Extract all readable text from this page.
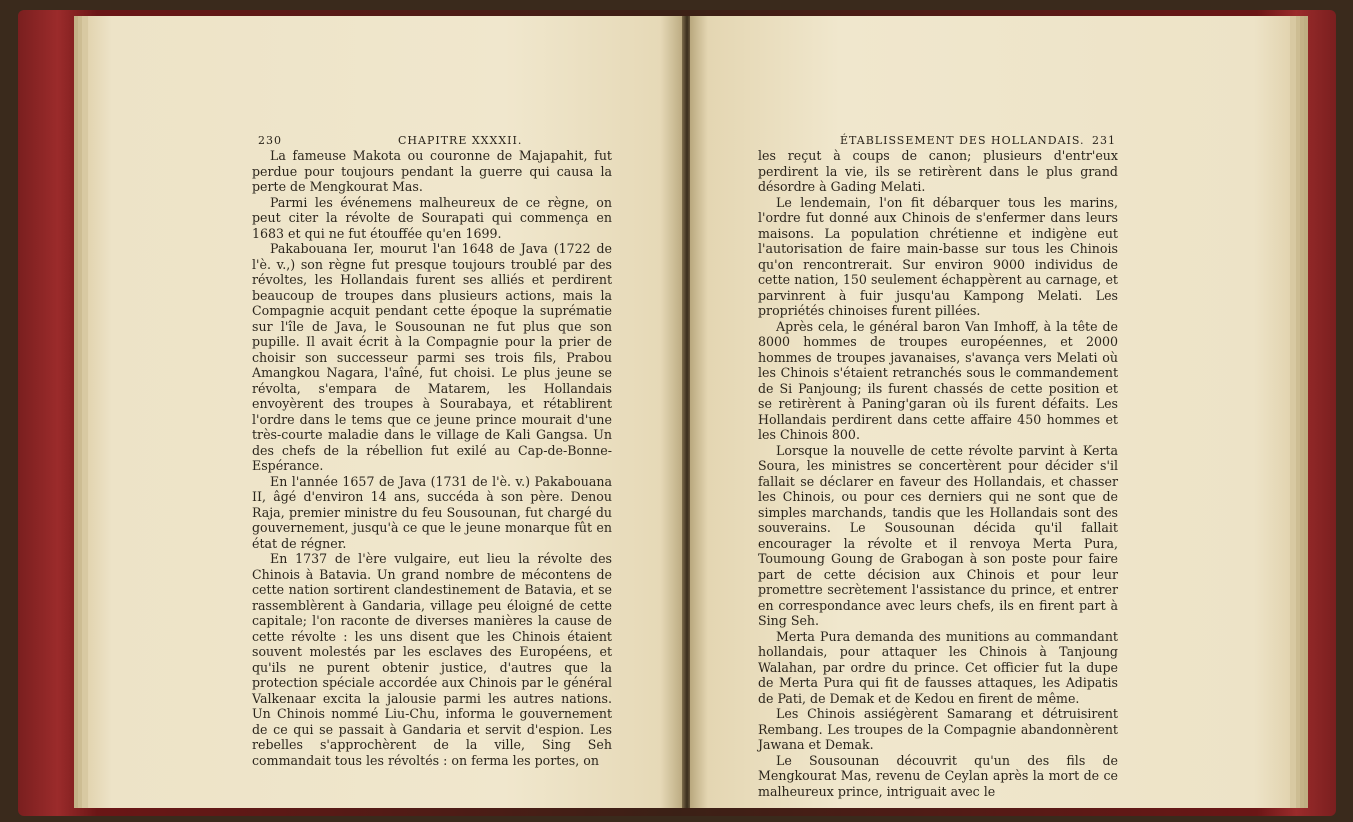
230	CHAPITRE XXXXII.

La fameuse Makota ou couronne de Majapahit, fut perdue pour toujours pendant la guerre qui causa la perte de Mengkourat Mas.

Parmi les événemens malheureux de ce règne, on peut citer la révolte de Sourapati qui commença en 1683 et qui ne fut étouffée qu'en 1699.

Pakabouana Ier, mourut l'an 1648 de Java (1722 de l'è. v.,) son règne fut presque toujours troublé par des révoltes, les Hollandais furent ses alliés et perdirent beaucoup de troupes dans plusieurs actions, mais la Compagnie acquit pendant cette époque la suprématie sur l'île de Java, le Sousounan ne fut plus que son pupille. Il avait écrit à la Compagnie pour la prier de choisir son successeur parmi ses trois fils, Prabou Amangkou Nagara, l'aîné, fut choisi. Le plus jeune se révolta, s'empara de Matarem, les Hollandais envoyèrent des troupes à Sourabaya, et rétablirent l'ordre dans le tems que ce jeune prince mourait d'une très-courte maladie dans le village de Kali Gangsa. Un des chefs de la rébellion fut exilé au Cap-de-Bonne-Espérance.

En l'année 1657 de Java (1731 de l'è. v.) Pakabouana II, âgé d'environ 14 ans, succéda à son père. Denou Raja, premier ministre du feu Sousounan, fut chargé du gouvernement, jusqu'à ce que le jeune monarque fût en état de régner.

En 1737 de l'ère vulgaire, eut lieu la révolte des Chinois à Batavia. Un grand nombre de mécontens de cette nation sortirent clandestinement de Batavia, et se rassemblèrent à Gandaria, village peu éloigné de cette capitale; l'on raconte de diverses manières la cause de cette révolte : les uns disent que les Chinois étaient souvent molestés par les esclaves des Européens, et qu'ils ne purent obtenir justice, d'autres que la protection spéciale accordée aux Chinois par le général Valkenaar excita la jalousie parmi les autres nations. Un Chinois nommé Liu-Chu, informa le gouvernement de ce qui se passait à Gandaria et servit d'espion. Les rebelles s'approchèrent de la ville, Sing Seh commandait tous les révoltés : on ferma les portes, on

ÉTABLISSEMENT DES HOLLANDAIS. 231

les reçut à coups de canon; plusieurs d'entr'eux perdirent la vie, ils se retirèrent dans le plus grand désordre à Gading Melati.

Le lendemain, l'on fit débarquer tous les marins, l'ordre fut donné aux Chinois de s'enfermer dans leurs maisons. La population chrétienne et indigène eut l'autorisation de faire main-basse sur tous les Chinois qu'on rencontrerait. Sur environ 9000 individus de cette nation, 150 seulement échappèrent au carnage, et parvinrent à fuir jusqu'au Kampong Melati. Les propriétés chinoises furent pillées.

Après cela, le général baron Van Imhoff, à la tête de 8000 hommes de troupes européennes, et 2000 hommes de troupes javanaises, s'avança vers Melati où les Chinois s'étaient retranchés sous le commandement de Si Panjoung; ils furent chassés de cette position et se retirèrent à Paning'garan où ils furent défaits. Les Hollandais perdirent dans cette affaire 450 hommes et les Chinois 800.

Lorsque la nouvelle de cette révolte parvint à Kerta Soura, les ministres se concertèrent pour décider s'il fallait se déclarer en faveur des Hollandais, et chasser les Chinois, ou pour ces derniers qui ne sont que de simples marchands, tandis que les Hollandais sont des souverains. Le Sousounan décida qu'il fallait encourager la révolte et il renvoya Merta Pura, Toumoung Goung de Grabogan à son poste pour faire part de cette décision aux Chinois et pour leur promettre secrètement l'assistance du prince, et entrer en correspondance avec leurs chefs, ils en firent part à Sing Seh.

Merta Pura demanda des munitions au commandant hollandais, pour attaquer les Chinois à Tanjoung Walahan, par ordre du prince. Cet officier fut la dupe de Merta Pura qui fit de fausses attaques, les Adipatis de Pati, de Demak et de Kedou en firent de même.

Les Chinois assiégèrent Samarang et détruisirent Rembang. Les troupes de la Compagnie abandonnèrent Jawana et Demak.

Le Sousounan découvrit qu'un des fils de Mengkourat Mas, revenu de Ceylan après la mort de ce malheureux prince, intriguait avec le
